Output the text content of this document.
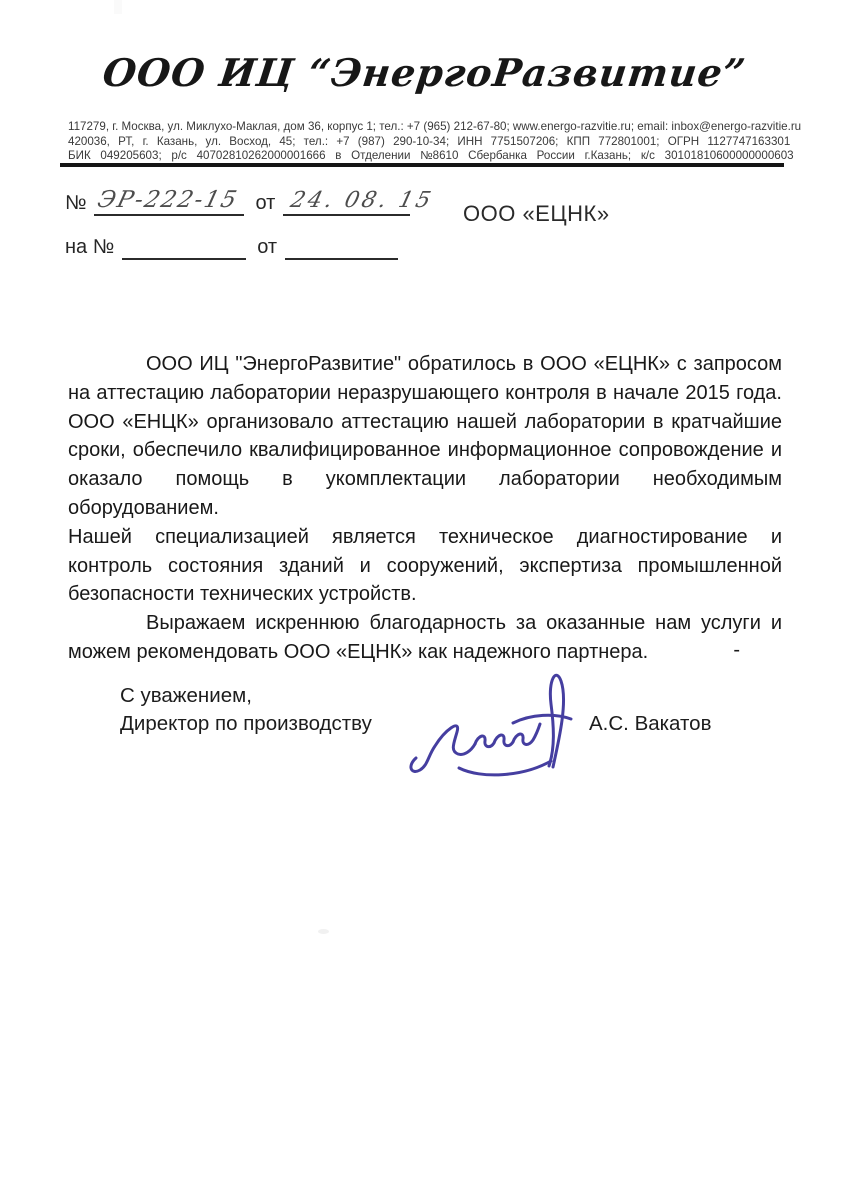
ООО ИЦ “ЭнергоРазвитие”
117279, г. Москва, ул. Миклухо-Маклая, дом 36, корпус 1; тел.: +7 (965) 212-67-80; www.energo-razvitie.ru; email: inbox@energo-razvitie.ru
420036, РТ, г. Казань, ул. Восход, 45; тел.: +7 (987) 290-10-34; ИНН 7751507206; КПП 772801001; ОГРН 1127747163301
БИК 049205603; р/с 40702810262000001666 в Отделении №8610 Сбербанка России г.Казань; к/с 30101810600000000603
№ ЭР-222-15 от 24. 08. 15
на №	от
ООО «ЕЦНК»

ООО ИЦ "ЭнергоРазвитие" обратилось в ООО «ЕЦНК» с запросом на аттестацию лаборатории неразрушающего контроля в начале 2015 года. ООО «ЕНЦК» организовало аттестацию нашей лаборатории в кратчайшие сроки, обеспечило квалифицированное информационное сопровождение и оказало помощь в укомплектации лаборатории необходимым оборудованием.

Нашей специализацией является техническое диагностирование и контроль состояния зданий и сооружений, экспертиза промышленной безопасности технических устройств.

Выражаем искреннюю благодарность за оказанные нам услуги и можем рекомендовать ООО «ЕЦНК» как надежного партнера.	-

С уважением,
Директор по производству	А.С. Вакатов
